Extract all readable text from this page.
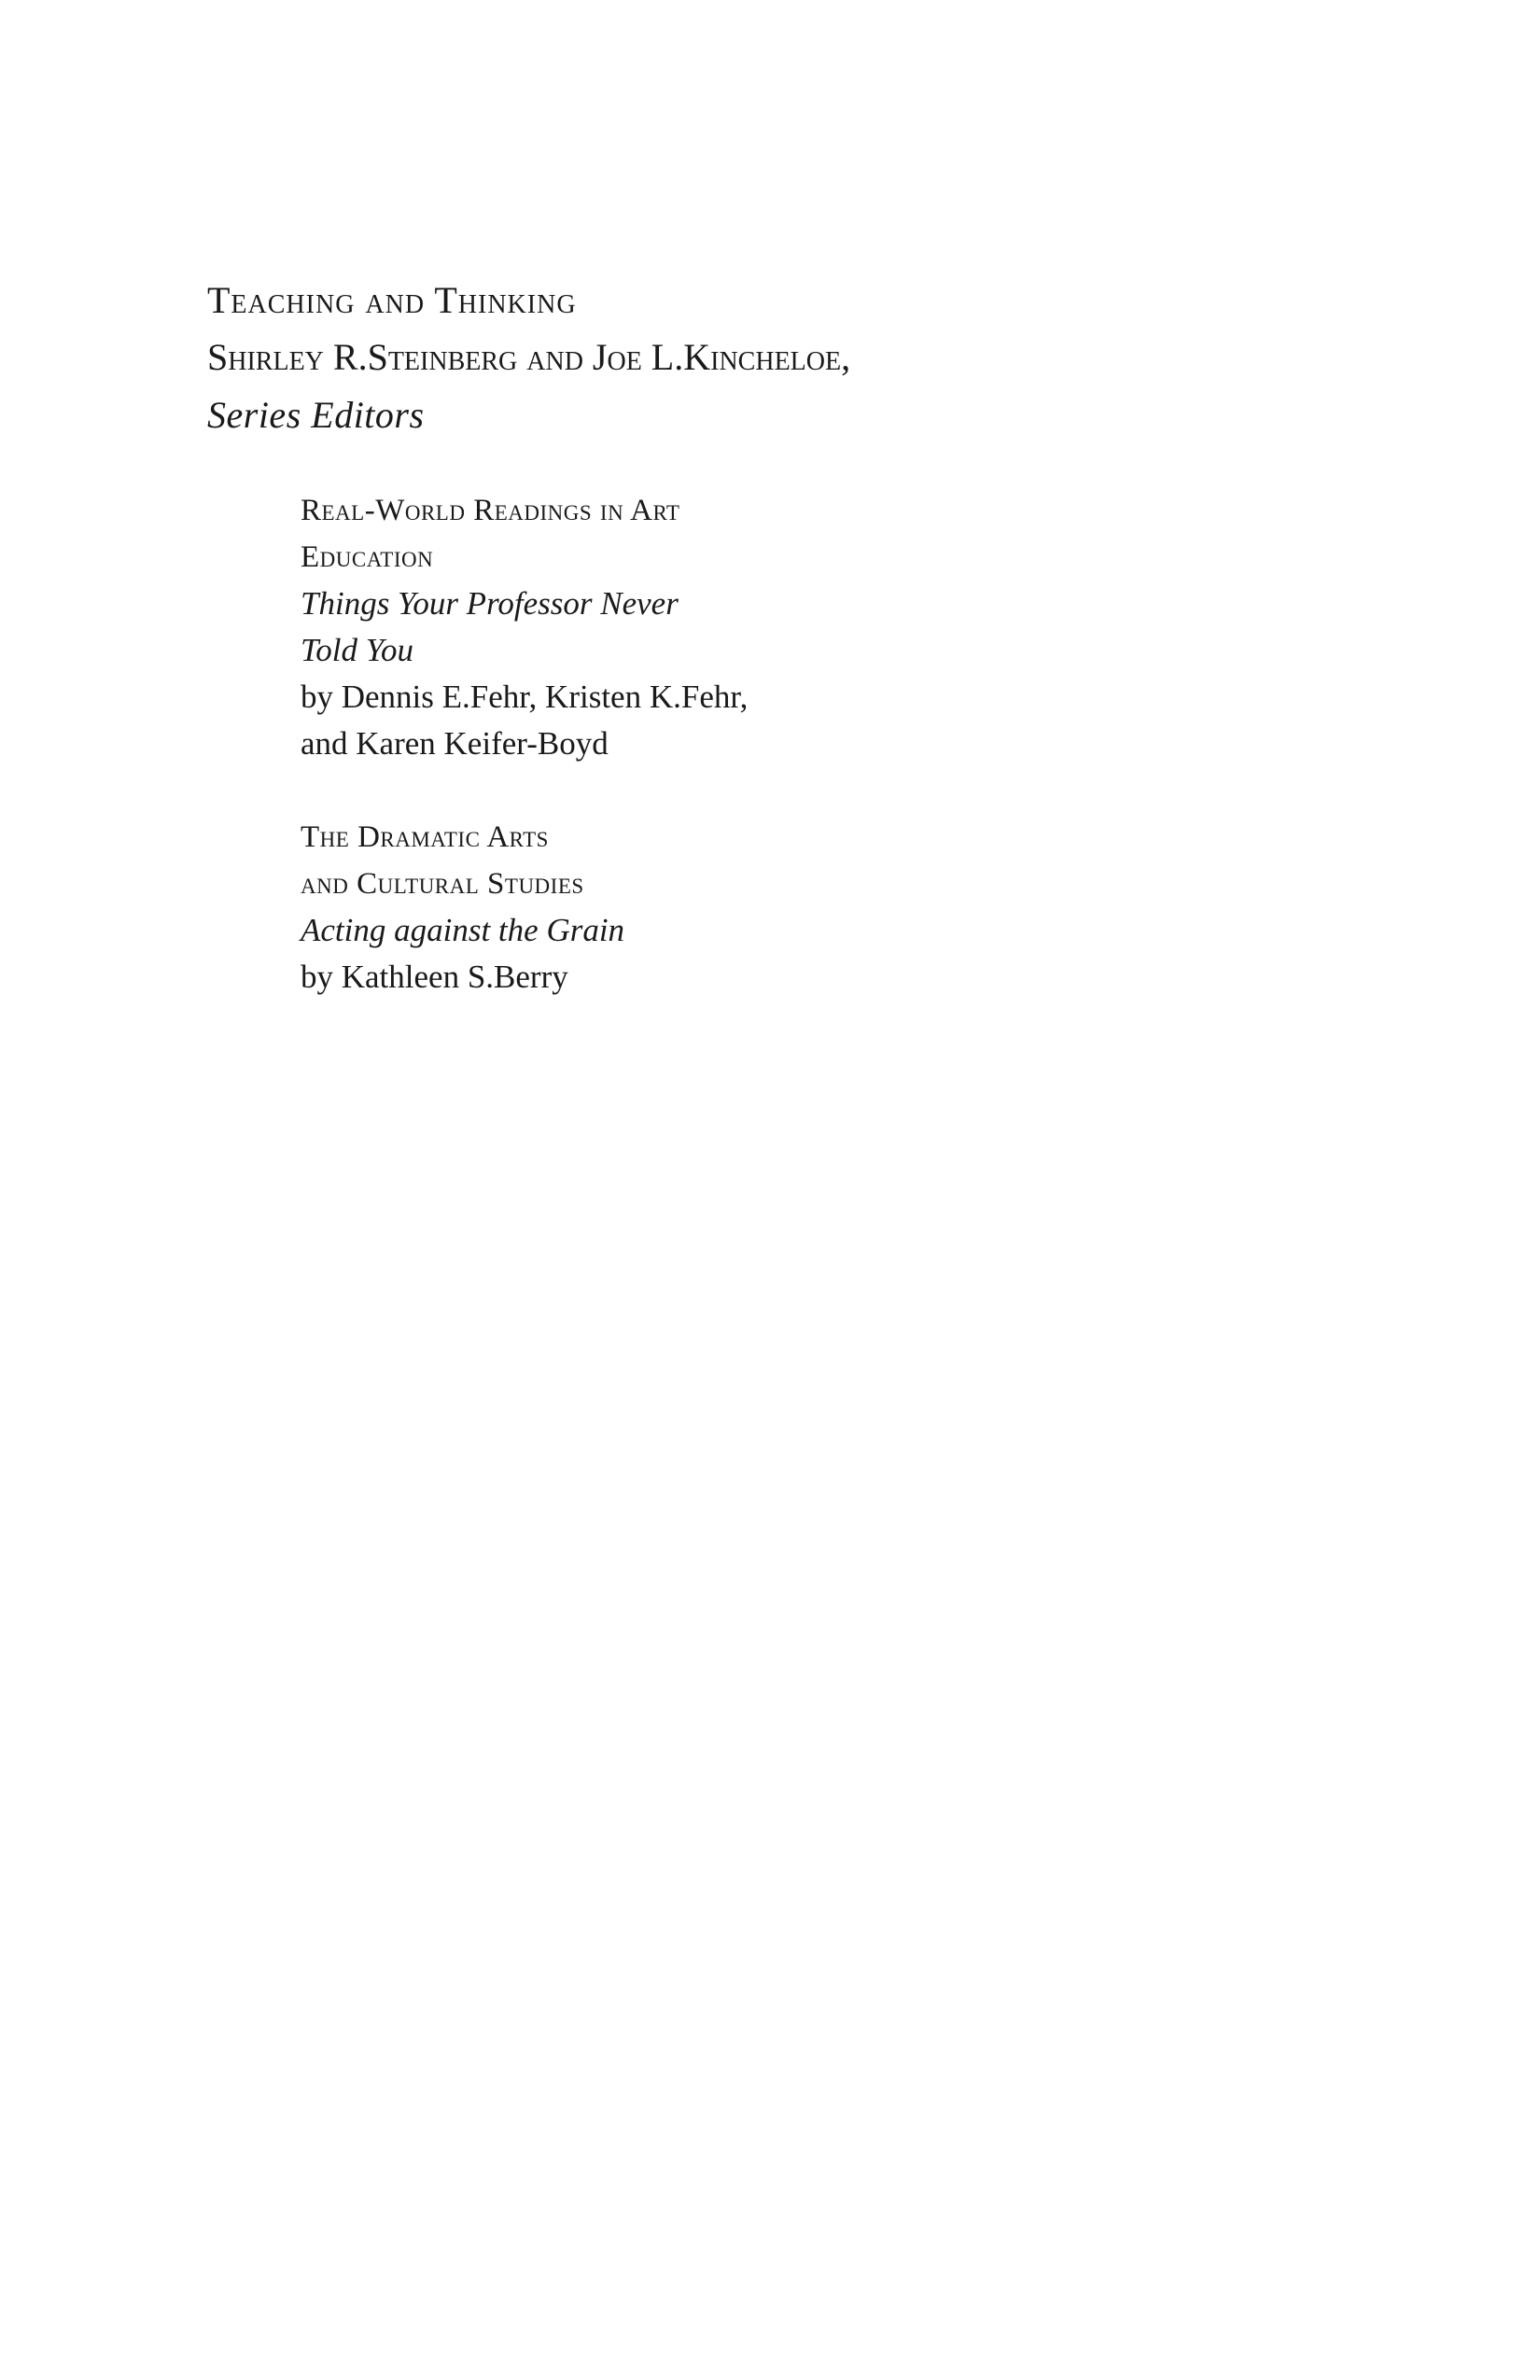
Teaching and Thinking

Shirley R.Steinberg and Joe L.Kincheloe,

Series Editors

Real-World Readings in Art

Education

Things Your Professor Never

Told You

by Dennis E.Fehr, Kristen K.Fehr,

and Karen Keifer-Boyd

The Dramatic Arts

and Cultural Studies

Acting against the Grain

by Kathleen S.Berry
